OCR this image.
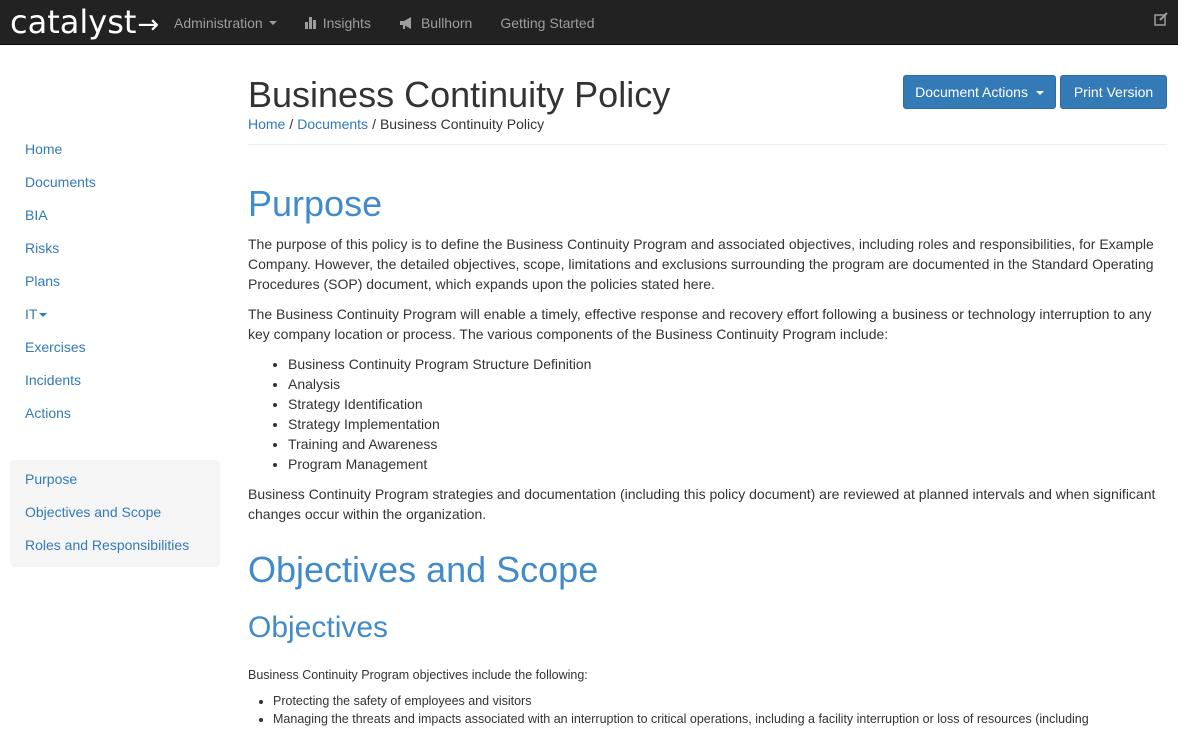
catalyst→ Administration	Insights	Bullhorn Getting Started
Home
Documents
BIA
Risks
Plans
IT
Exercises
Incidents
Actions
Purpose
Objectives and Scope
Roles and Responsibilities
Business Continuity Policy
Home / Documents / Business Continuity Policy
Document Actions	Print Version
Purpose

The purpose of this policy is to define the Business Continuity Program and associated objectives, including roles and responsibilities, for Example Company. However, the detailed objectives, scope, limitations and exclusions surrounding the program are documented in the Standard Operating Procedures (SOP) document, which expands upon the policies stated here.

The Business Continuity Program will enable a timely, effective response and recovery effort following a business or technology interruption to any key company location or process. The various components of the Business Continuity Program include:

• Business Continuity Program Structure Definition
• Analysis
• Strategy Identification
• Strategy Implementation
• Training and Awareness
• Program Management

Business Continuity Program strategies and documentation (including this policy document) are reviewed at planned intervals and when significant changes occur within the organization.

Objectives and Scope
Objectives

Business Continuity Program objectives include the following:

• Protecting the safety of employees and visitors
• Managing the threats and impacts associated with an interruption to critical operations, including a facility interruption or loss of resources (including
